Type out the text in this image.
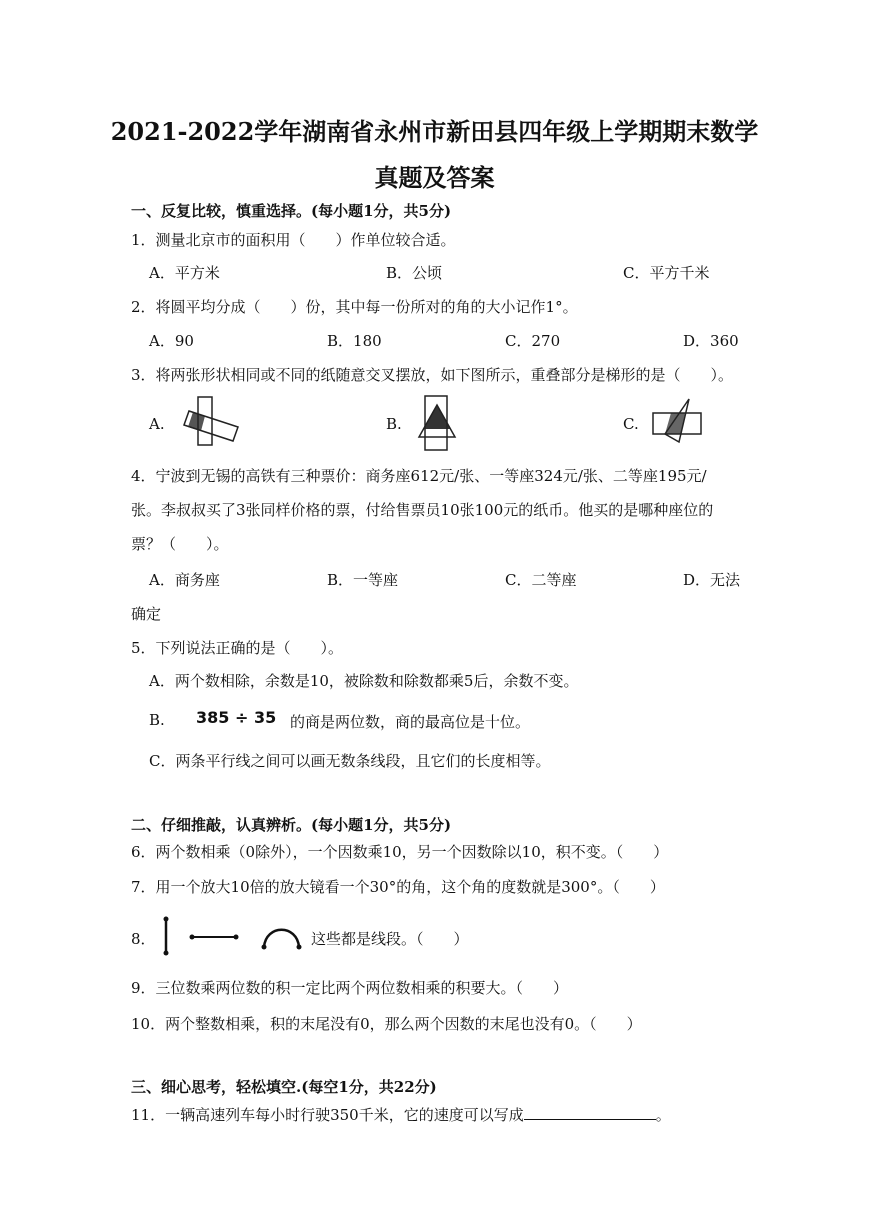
2021-2022学年湖南省永州市新田县四年级上学期期末数学
真题及答案
一、反复比较，慎重选择。(每小题1分，共5分)
1．测量北京市的面积用（　　）作单位较合适。
A．平方米	B．公顷	C．平方千米
2．将圆平均分成（　　）份，其中每一份所对的角的大小记作1°。
A．90	B．180	C．270	D．360
3．将两张形状相同或不同的纸随意交叉摆放，如下图所示，重叠部分是梯形的是（　　）。
A.	B.	C.
4．宁波到无锡的高铁有三种票价：商务座612元/张、一等座324元/张、二等座195元/
张。李叔叔买了3张同样价格的票，付给售票员10张100元的纸币。他买的是哪种座位的
票？（　　）。
A．商务座	B．一等座	C．二等座	D．无法
确定
5．下列说法正确的是（　　）。
A．两个数相除，余数是10，被除数和除数都乘5后，余数不变。
B. 385 ÷ 35 的商是两位数，商的最高位是十位。
C．两条平行线之间可以画无数条线段，且它们的长度相等。
二、仔细推敲，认真辨析。(每小题1分，共5分)
6．两个数相乘（0除外），一个因数乘10，另一个因数除以10，积不变。（　　）
7．用一个放大10倍的放大镜看一个30°的角，这个角的度数就是300°。（　　）
8．	这些都是线段。（　　）
9．三位数乘两位数的积一定比两个两位数相乘的积要大。（　　）
10．两个整数相乘，积的末尾没有0，那么两个因数的末尾也没有0。（　　）
三、细心思考，轻松填空.(每空1分，共22分)
11．一辆高速列车每小时行驶350千米，它的速度可以写成	。
